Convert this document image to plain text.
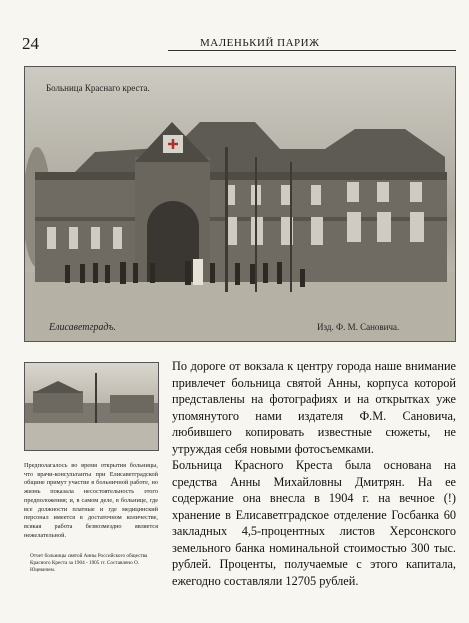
24	МАЛЕНЬКИЙ ПАРИЖ
Больница Краснаго креста.
Елисаветградъ.	Изд. Ф. М. Сановича.
Предполагалось во время открытия больницы, что врачи-консультанты при Елисаветградской общине примут участие в больничной работе, но жизнь показала несостоятельность этого предположения; и, в самом деле, в больнице, где все должности платные и где медицинский персонал имеется в достаточном количестве, всякая работа безвозмездно является нежелательной.
Отчет больницы святой Анны Российского общества Красного Креста за 1904 - 1905 гг. Составлено О. Юцевичем.

По дороге от вокзала к центру города наше внимание привлечет больница святой Анны, корпуса которой представлены на фотографиях и на открытках уже упомянутого нами издателя Ф.М. Сановича, любившего копировать известные сюжеты, не утруждая себя новыми фотосъемками.

Больница Красного Креста была основана на средства Анны Михайловны Дмитрян. На ее содержание она внесла в 1904 г. на вечное (!) хранение в Елисаветградское отделение Госбанка 60 закладных 4,5-процентных листов Херсонского земельного банка номинальной стоимостью 300 тыс. рублей. Проценты, получаемые с этого капитала, ежегодно составляли 12705 рублей.
